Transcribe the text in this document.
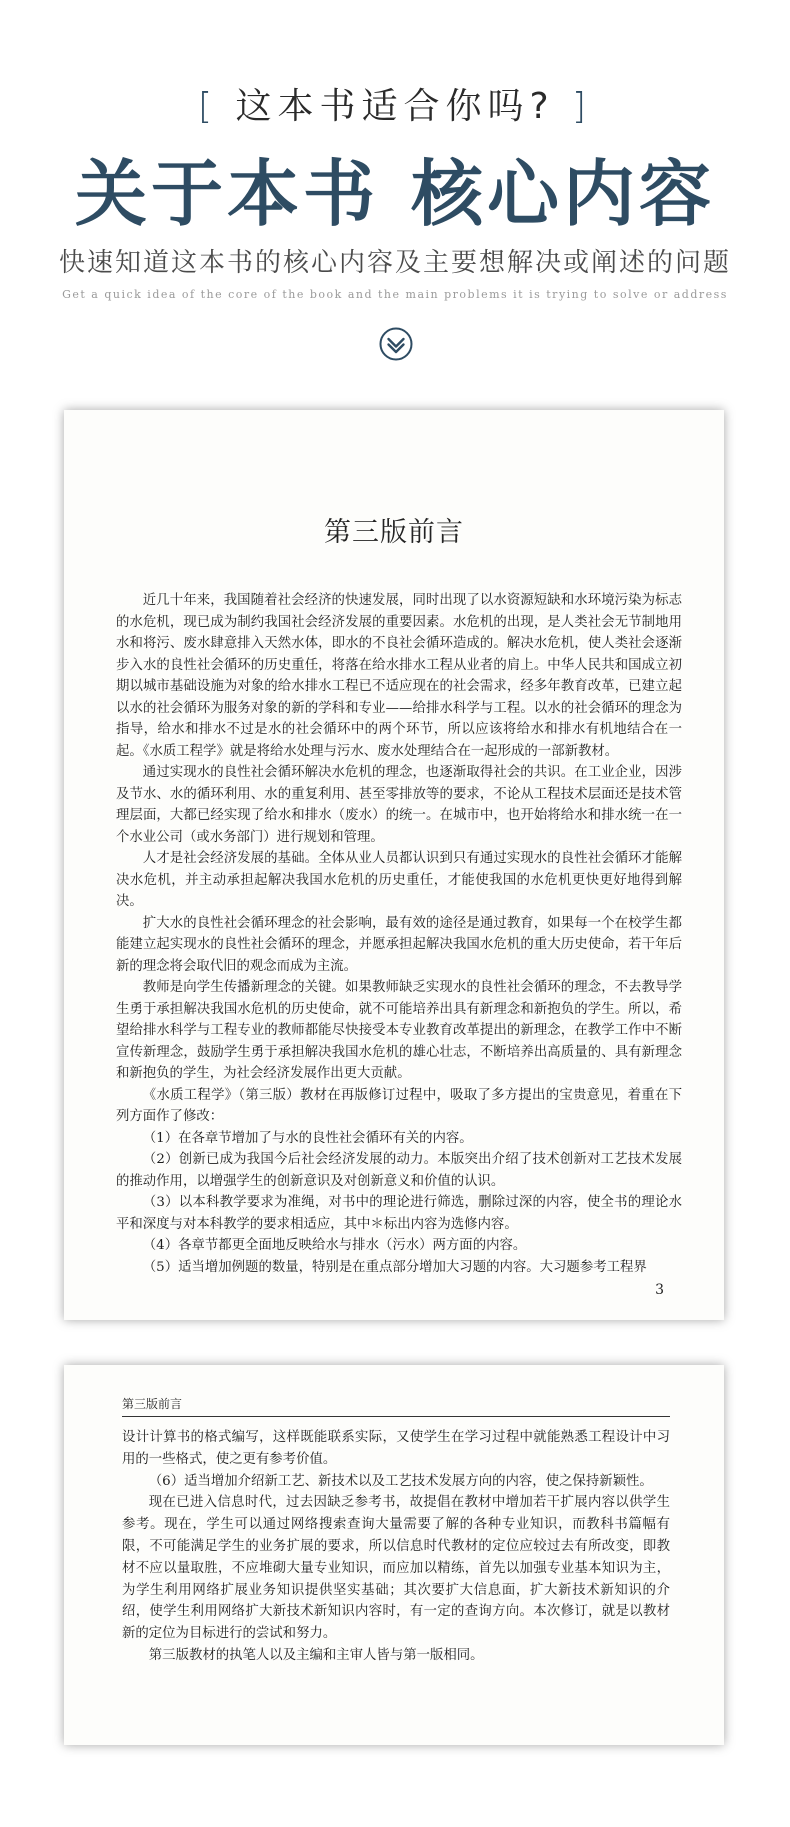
[ 这本书适合你吗? ]
关于本书 核心内容
快速知道这本书的核心内容及主要想解决或阐述的问题
Get a quick idea of the core of the book and the main problems it is trying to solve or address
第三版前言

近几十年来，我国随着社会经济的快速发展，同时出现了以水资源短缺和水环境污染为标志的水危机，现已成为制约我国社会经济发展的重要因素。水危机的出现，是人类社会无节制地用水和将污、废水肆意排入天然水体，即水的不良社会循环造成的。解决水危机，使人类社会逐渐步入水的良性社会循环的历史重任，将落在给水排水工程从业者的肩上。中华人民共和国成立初期以城市基础设施为对象的给水排水工程已不适应现在的社会需求，经多年教育改革，已建立起以水的社会循环为服务对象的新的学科和专业——给排水科学与工程。以水的社会循环的理念为指导，给水和排水不过是水的社会循环中的两个环节，所以应该将给水和排水有机地结合在一起。《水质工程学》就是将给水处理与污水、废水处理结合在一起形成的一部新教材。

通过实现水的良性社会循环解决水危机的理念，也逐渐取得社会的共识。在工业企业，因涉及节水、水的循环利用、水的重复利用、甚至零排放等的要求，不论从工程技术层面还是技术管理层面，大都已经实现了给水和排水（废水）的统一。在城市中，也开始将给水和排水统一在一个水业公司（或水务部门）进行规划和管理。

人才是社会经济发展的基础。全体从业人员都认识到只有通过实现水的良性社会循环才能解决水危机，并主动承担起解决我国水危机的历史重任，才能使我国的水危机更快更好地得到解决。

扩大水的良性社会循环理念的社会影响，最有效的途径是通过教育，如果每一个在校学生都能建立起实现水的良性社会循环的理念，并愿承担起解决我国水危机的重大历史使命，若干年后新的理念将会取代旧的观念而成为主流。

教师是向学生传播新理念的关键。如果教师缺乏实现水的良性社会循环的理念，不去教导学生勇于承担解决我国水危机的历史使命，就不可能培养出具有新理念和新抱负的学生。所以，希望给排水科学与工程专业的教师都能尽快接受本专业教育改革提出的新理念，在教学工作中不断宣传新理念，鼓励学生勇于承担解决我国水危机的雄心壮志，不断培养出高质量的、具有新理念和新抱负的学生，为社会经济发展作出更大贡献。

《水质工程学》（第三版）教材在再版修订过程中，吸取了多方提出的宝贵意见，着重在下列方面作了修改：

（1）在各章节增加了与水的良性社会循环有关的内容。

（2）创新已成为我国今后社会经济发展的动力。本版突出介绍了技术创新对工艺技术发展的推动作用，以增强学生的创新意识及对创新意义和价值的认识。

（3）以本科教学要求为准绳，对书中的理论进行筛选，删除过深的内容，使全书的理论水平和深度与对本科教学的要求相适应，其中＊标出内容为选修内容。

（4）各章节都更全面地反映给水与排水（污水）两方面的内容。

（5）适当增加例题的数量，特别是在重点部分增加大习题的内容。大习题参考工程界

3
第三版前言

设计计算书的格式编写，这样既能联系实际，又使学生在学习过程中就能熟悉工程设计中习用的一些格式，使之更有参考价值。

（6）适当增加介绍新工艺、新技术以及工艺技术发展方向的内容，使之保持新颖性。

现在已进入信息时代，过去因缺乏参考书，故提倡在教材中增加若干扩展内容以供学生参考。现在，学生可以通过网络搜索查询大量需要了解的各种专业知识，而教科书篇幅有限，不可能满足学生的业务扩展的要求，所以信息时代教材的定位应较过去有所改变，即教材不应以量取胜，不应堆砌大量专业知识，而应加以精练，首先以加强专业基本知识为主，为学生利用网络扩展业务知识提供坚实基础；其次要扩大信息面，扩大新技术新知识的介绍，使学生利用网络扩大新技术新知识内容时，有一定的查询方向。本次修订，就是以教材新的定位为目标进行的尝试和努力。

第三版教材的执笔人以及主编和主审人皆与第一版相同。
